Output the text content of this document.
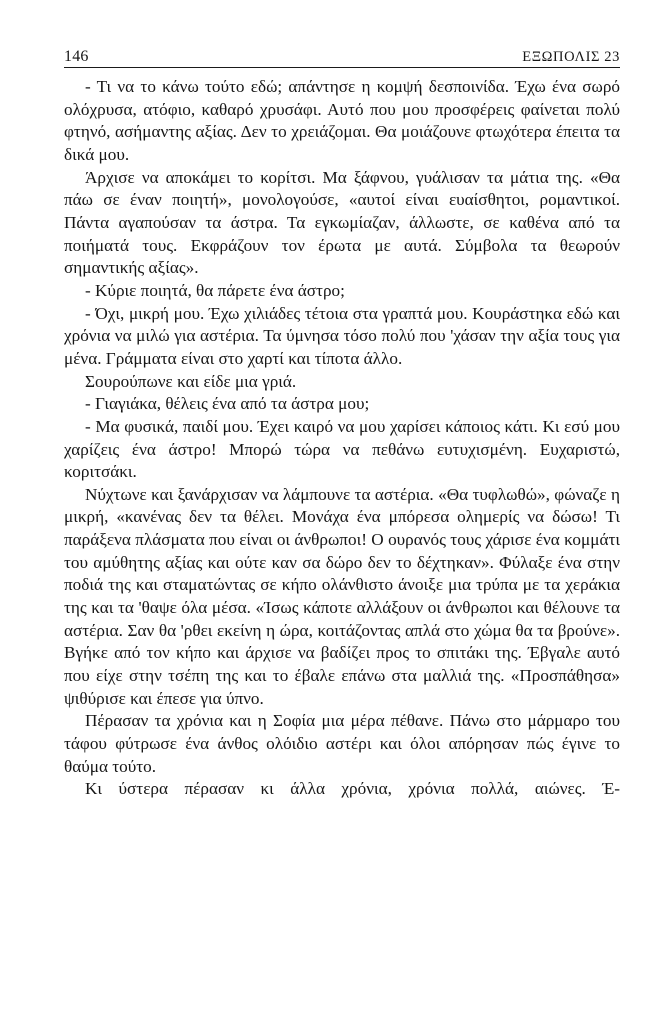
146	ΕΞΩΠΟΛΙΣ 23

- Τι να το κάνω τούτο εδώ; απάντησε η κομψή δεσποινίδα. Έχω ένα σωρό ολόχρυσα, ατόφιο, καθαρό χρυσάφι. Αυτό που μου προσφέρεις φαίνεται πολύ φτηνό, ασήμαντης αξίας. Δεν το χρειάζομαι. Θα μοιάζουνε φτωχότερα έπειτα τα δικά μου.

Άρχισε να αποκάμει το κορίτσι. Μα ξάφνου, γυάλισαν τα μάτια της. «Θα πάω σε έναν ποιητή», μονολογούσε, «αυτοί είναι ευαίσθητοι, ρομαντικοί. Πάντα αγαπούσαν τα άστρα. Τα εγκωμίαζαν, άλλωστε, σε καθένα από τα ποιήματά τους. Εκφράζουν τον έρωτα με αυτά. Σύμβολα τα θεωρούν σημαντικής αξίας».

- Κύριε ποιητά, θα πάρετε ένα άστρο;

- Όχι, μικρή μου. Έχω χιλιάδες τέτοια στα γραπτά μου. Κουράστηκα εδώ και χρόνια να μιλώ για αστέρια. Τα ύμνησα τόσο πολύ που 'χάσαν την αξία τους για μένα. Γράμματα είναι στο χαρτί και τίποτα άλλο.

Σουρούπωνε και είδε μια γριά.

- Γιαγιάκα, θέλεις ένα από τα άστρα μου;

- Μα φυσικά, παιδί μου. Έχει καιρό να μου χαρίσει κάποιος κάτι. Κι εσύ μου χαρίζεις ένα άστρο! Μπορώ τώρα να πεθάνω ευτυχισμένη. Ευχαριστώ, κοριτσάκι.

Νύχτωνε και ξανάρχισαν να λάμπουνε τα αστέρια. «Θα τυφλωθώ», φώναζε η μικρή, «κανένας δεν τα θέλει. Μονάχα ένα μπόρεσα ολημερίς να δώσω! Τι παράξενα πλάσματα που είναι οι άνθρωποι! Ο ουρανός τους χάρισε ένα κομμάτι του αμύθητης αξίας και ούτε καν σα δώρο δεν το δέχτηκαν». Φύλαξε ένα στην ποδιά της και σταματώντας σε κήπο ολάνθιστο άνοιξε μια τρύπα με τα χεράκια της και τα 'θαψε όλα μέσα. «Ίσως κάποτε αλλάξουν οι άνθρωποι και θέλουνε τα αστέρια. Σαν θα 'ρθει εκείνη η ώρα, κοιτάζοντας απλά στο χώμα θα τα βρούνε». Βγήκε από τον κήπο και άρχισε να βαδίζει προς το σπιτάκι της. Έβγαλε αυτό που είχε στην τσέπη της και το έβαλε επάνω στα μαλλιά της. «Προσπάθησα» ψιθύρισε και έπεσε για ύπνο.

Πέρασαν τα χρόνια και η Σοφία μια μέρα πέθανε. Πάνω στο μάρμαρο του τάφου φύτρωσε ένα άνθος ολόιδιο αστέρι και όλοι απόρησαν πώς έγινε το θαύμα τούτο.

Κι ύστερα πέρασαν κι άλλα χρόνια, χρόνια πολλά, αιώνες. Έ-
